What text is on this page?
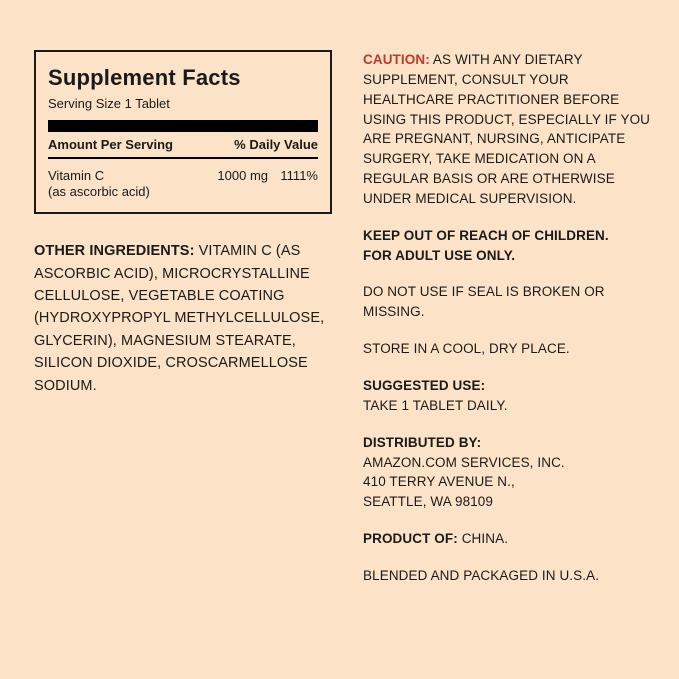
Supplement Facts
Serving Size 1 Tablet
Amount Per Serving	% Daily Value
Vitamin C	1000 mg 1111%
(as ascorbic acid)
OTHER INGREDIENTS: VITAMIN C (AS ASCORBIC ACID), MICROCRYSTALLINE CELLULOSE, VEGETABLE COATING (HYDROXYPROPYL METHYLCELLULOSE, GLYCERIN), MAGNESIUM STEARATE, SILICON DIOXIDE, CROSCARMELLOSE SODIUM.

CAUTION: AS WITH ANY DIETARY SUPPLEMENT, CONSULT YOUR HEALTHCARE PRACTITIONER BEFORE USING THIS PRODUCT, ESPECIALLY IF YOU ARE PREGNANT, NURSING, ANTICIPATE SURGERY, TAKE MEDICATION ON A REGULAR BASIS OR ARE OTHERWISE UNDER MEDICAL SUPERVISION.

KEEP OUT OF REACH OF CHILDREN.
FOR ADULT USE ONLY.

DO NOT USE IF SEAL IS BROKEN OR MISSING.

STORE IN A COOL, DRY PLACE.

SUGGESTED USE:
TAKE 1 TABLET DAILY.

DISTRIBUTED BY:
AMAZON.COM SERVICES, INC.
410 TERRY AVENUE N.,
SEATTLE, WA 98109

PRODUCT OF: CHINA.

BLENDED AND PACKAGED IN U.S.A.
